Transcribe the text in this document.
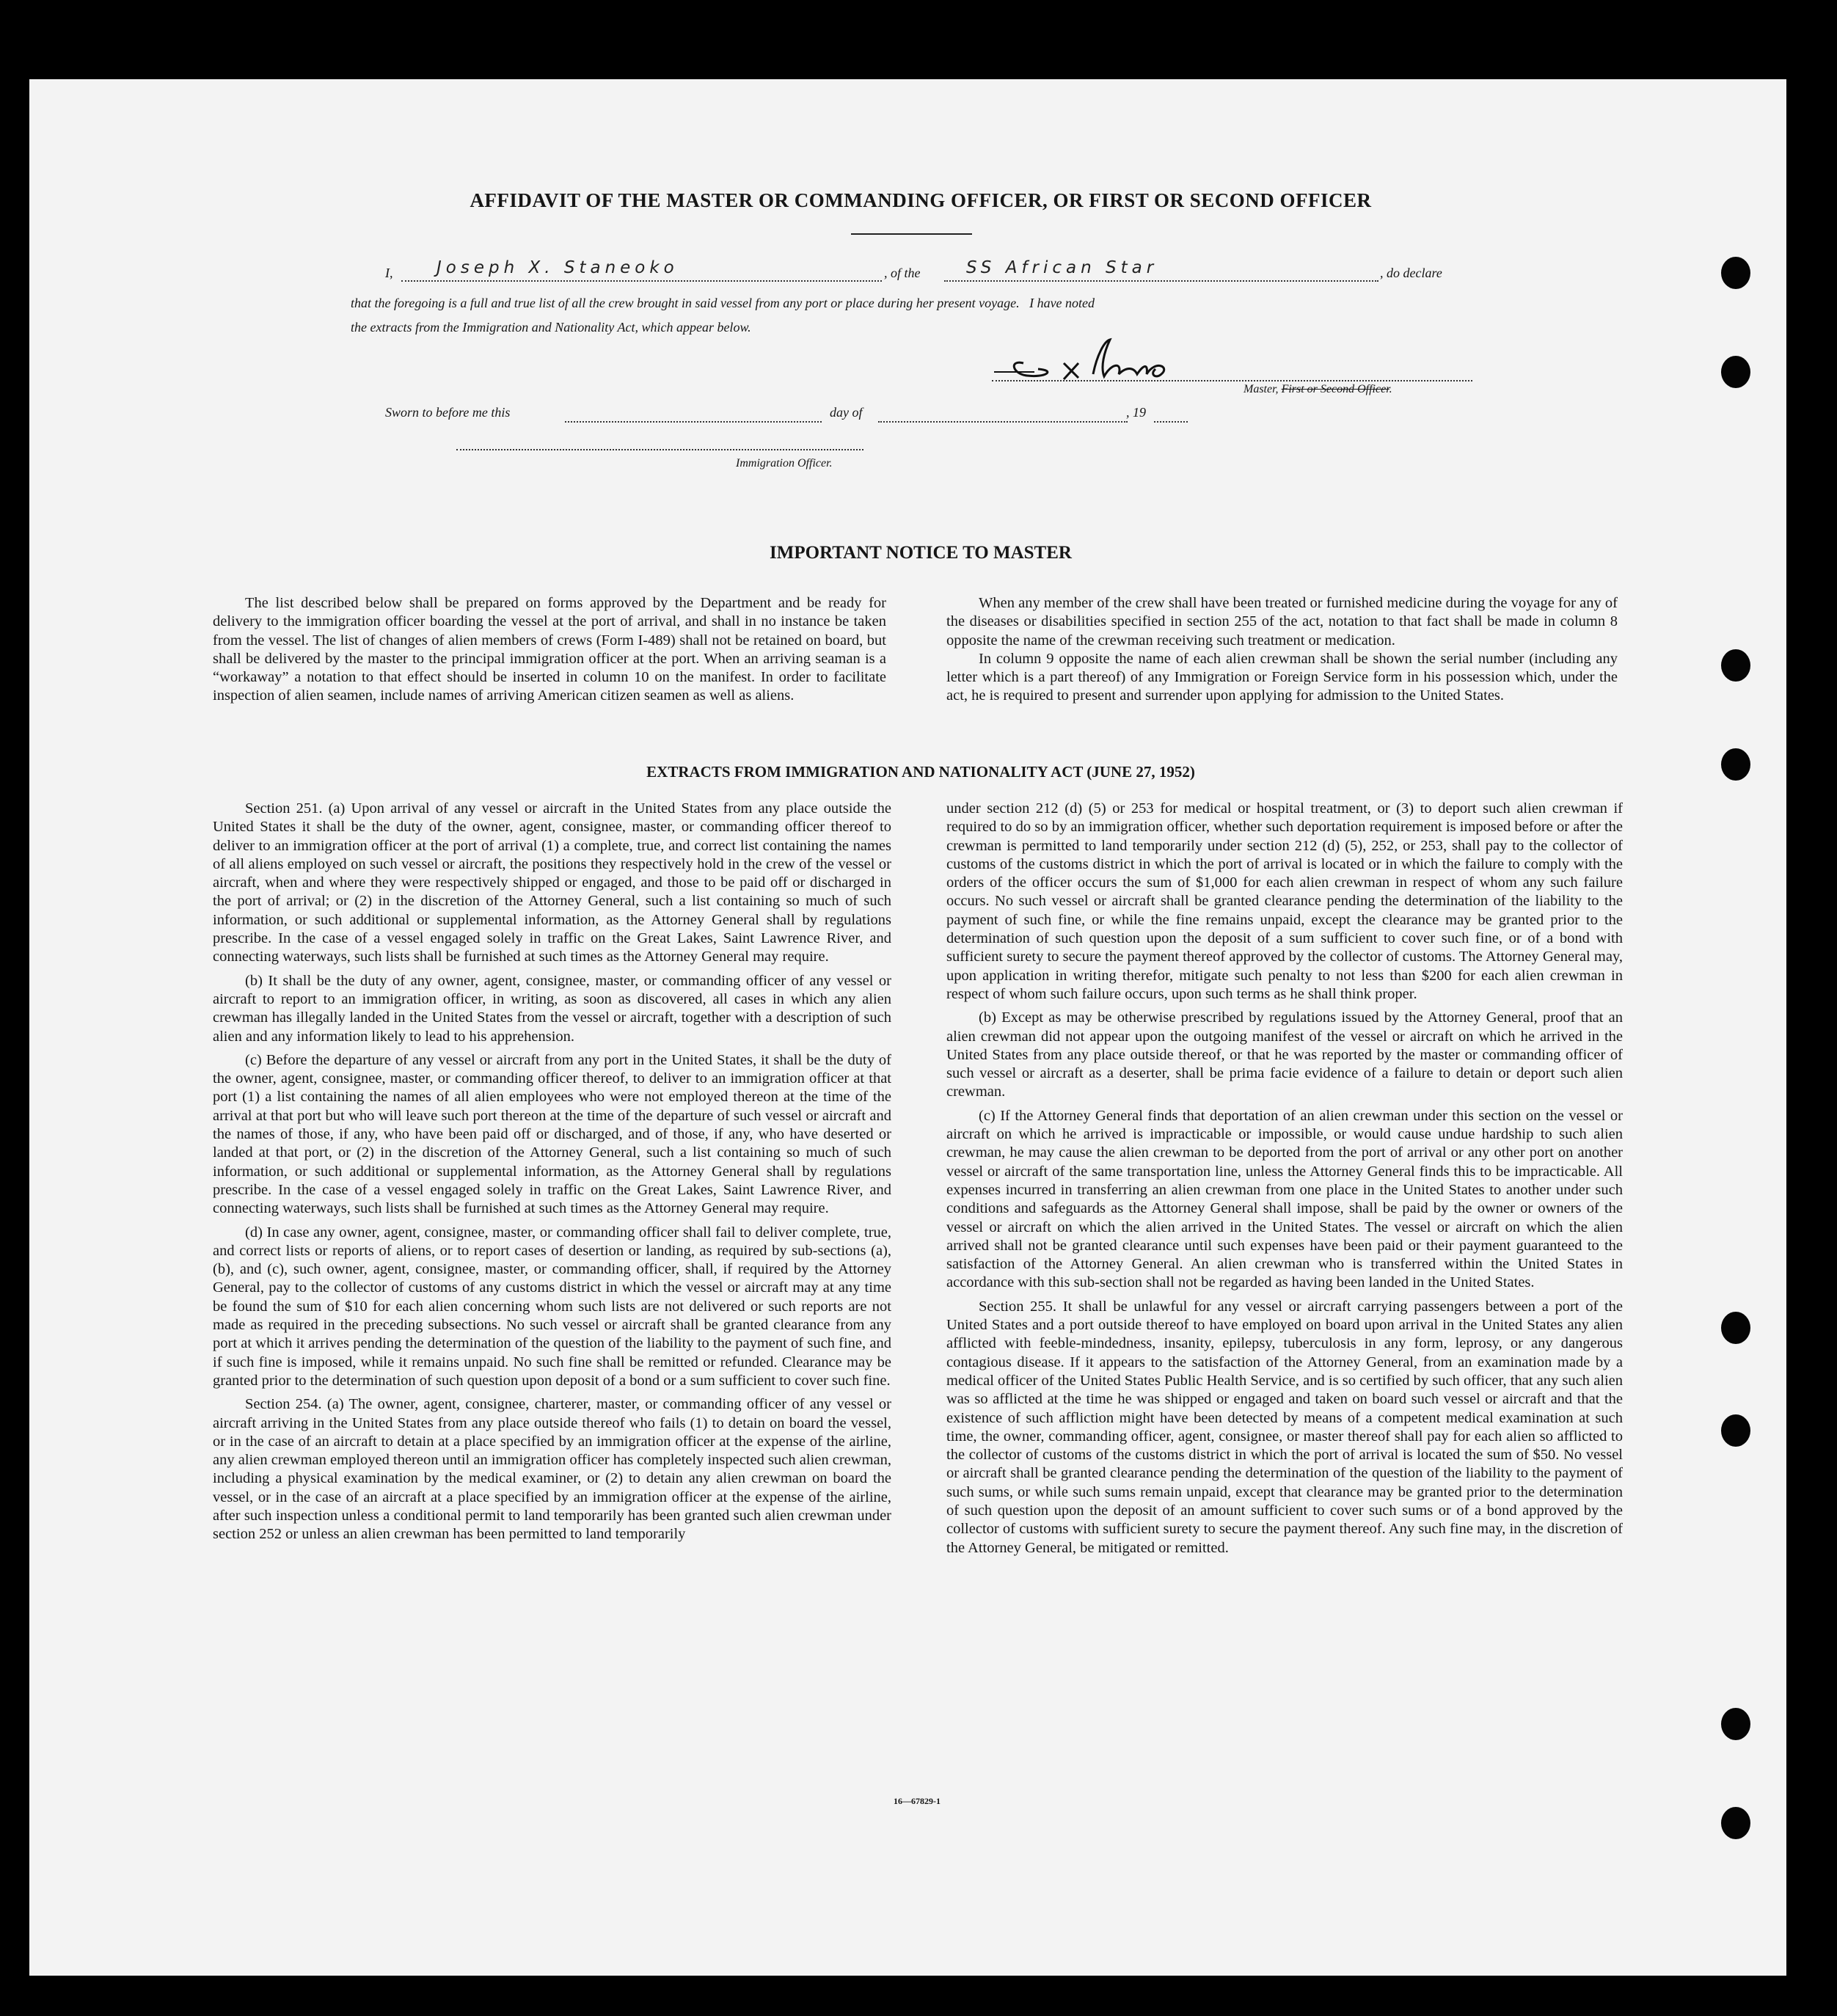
AFFIDAVIT OF THE MASTER OR COMMANDING OFFICER, OR FIRST OR SECOND OFFICER
I,	Joseph X. Staneoko	, of the	SS African Star	, do declare
that the foregoing is a full and true list of all the crew brought in said vessel from any port or place during her present voyage.   I have noted
the extracts from the Immigration and Nationality Act, which appear below.
Master, First or Second Officer.
Sworn to before me this	day of	, 19
Immigration Officer.
IMPORTANT NOTICE TO MASTER

The list described below shall be prepared on forms approved by the Department and be ready for delivery to the immigration officer boarding the vessel at the port of arrival, and shall in no instance be taken from the vessel. The list of changes of alien members of crews (Form I-489) shall not be retained on board, but shall be delivered by the master to the principal immigration officer at the port. When an arriving seaman is a “workaway” a notation to that effect should be inserted in column 10 on the manifest. In order to facilitate inspection of alien seamen, include names of arriving American citizen seamen as well as aliens.

When any member of the crew shall have been treated or furnished medicine during the voyage for any of the diseases or disabilities specified in section 255 of the act, notation to that fact shall be made in column 8 opposite the name of the crewman receiving such treatment or medication.

In column 9 opposite the name of each alien crewman shall be shown the serial number (including any letter which is a part thereof) of any Immigration or Foreign Service form in his possession which, under the act, he is required to present and surrender upon applying for admission to the United States.

EXTRACTS FROM IMMIGRATION AND NATIONALITY ACT (JUNE 27, 1952)

Section 251. (a) Upon arrival of any vessel or aircraft in the United States from any place outside the United States it shall be the duty of the owner, agent, consignee, master, or commanding officer thereof to deliver to an immigration officer at the port of arrival (1) a complete, true, and correct list containing the names of all aliens employed on such vessel or aircraft, the positions they respectively hold in the crew of the vessel or aircraft, when and where they were respectively shipped or engaged, and those to be paid off or discharged in the port of arrival; or (2) in the discretion of the Attorney General, such a list containing so much of such information, or such additional or supplemental information, as the Attorney General shall by regulations prescribe. In the case of a vessel engaged solely in traffic on the Great Lakes, Saint Lawrence River, and connecting waterways, such lists shall be furnished at such times as the Attorney General may require.

(b) It shall be the duty of any owner, agent, consignee, master, or commanding officer of any vessel or aircraft to report to an immigration officer, in writing, as soon as discovered, all cases in which any alien crewman has illegally landed in the United States from the vessel or aircraft, together with a description of such alien and any information likely to lead to his apprehension.

(c) Before the departure of any vessel or aircraft from any port in the United States, it shall be the duty of the owner, agent, consignee, master, or commanding officer thereof, to deliver to an immigration officer at that port (1) a list containing the names of all alien employees who were not employed thereon at the time of the arrival at that port but who will leave such port thereon at the time of the departure of such vessel or aircraft and the names of those, if any, who have been paid off or discharged, and of those, if any, who have deserted or landed at that port, or (2) in the discretion of the Attorney General, such a list containing so much of such information, or such additional or supplemental information, as the Attorney General shall by regulations prescribe. In the case of a vessel engaged solely in traffic on the Great Lakes, Saint Lawrence River, and connecting waterways, such lists shall be furnished at such times as the Attorney General may require.

(d) In case any owner, agent, consignee, master, or commanding officer shall fail to deliver complete, true, and correct lists or reports of aliens, or to report cases of desertion or landing, as required by sub-sections (a), (b), and (c), such owner, agent, consignee, master, or commanding officer, shall, if required by the Attorney General, pay to the collector of customs of any customs district in which the vessel or aircraft may at any time be found the sum of $10 for each alien concerning whom such lists are not delivered or such reports are not made as required in the preceding subsections. No such vessel or aircraft shall be granted clearance from any port at which it arrives pending the determination of the question of the liability to the payment of such fine, and if such fine is imposed, while it remains unpaid. No such fine shall be remitted or refunded. Clearance may be granted prior to the determination of such question upon deposit of a bond or a sum sufficient to cover such fine.

Section 254. (a) The owner, agent, consignee, charterer, master, or commanding officer of any vessel or aircraft arriving in the United States from any place outside thereof who fails (1) to detain on board the vessel, or in the case of an aircraft to detain at a place specified by an immigration officer at the expense of the airline, any alien crewman employed thereon until an immigration officer has completely inspected such alien crewman, including a physical examination by the medical examiner, or (2) to detain any alien crewman on board the vessel, or in the case of an aircraft at a place specified by an immigration officer at the expense of the airline, after such inspection unless a conditional permit to land temporarily has been granted such alien crewman under section 252 or unless an alien crewman has been permitted to land temporarily

under section 212 (d) (5) or 253 for medical or hospital treatment, or (3) to deport such alien crewman if required to do so by an immigration officer, whether such deportation requirement is imposed before or after the crewman is permitted to land temporarily under section 212 (d) (5), 252, or 253, shall pay to the collector of customs of the customs district in which the port of arrival is located or in which the failure to comply with the orders of the officer occurs the sum of $1,000 for each alien crewman in respect of whom any such failure occurs. No such vessel or aircraft shall be granted clearance pending the determination of the liability to the payment of such fine, or while the fine remains unpaid, except the clearance may be granted prior to the determination of such question upon the deposit of a sum sufficient to cover such fine, or of a bond with sufficient surety to secure the payment thereof approved by the collector of customs. The Attorney General may, upon application in writing therefor, mitigate such penalty to not less than $200 for each alien crewman in respect of whom such failure occurs, upon such terms as he shall think proper.

(b) Except as may be otherwise prescribed by regulations issued by the Attorney General, proof that an alien crewman did not appear upon the outgoing manifest of the vessel or aircraft on which he arrived in the United States from any place outside thereof, or that he was reported by the master or commanding officer of such vessel or aircraft as a deserter, shall be prima facie evidence of a failure to detain or deport such alien crewman.

(c) If the Attorney General finds that deportation of an alien crewman under this section on the vessel or aircraft on which he arrived is impracticable or impossible, or would cause undue hardship to such alien crewman, he may cause the alien crewman to be deported from the port of arrival or any other port on another vessel or aircraft of the same transportation line, unless the Attorney General finds this to be impracticable. All expenses incurred in transferring an alien crewman from one place in the United States to another under such conditions and safeguards as the Attorney General shall impose, shall be paid by the owner or owners of the vessel or aircraft on which the alien arrived in the United States. The vessel or aircraft on which the alien arrived shall not be granted clearance until such expenses have been paid or their payment guaranteed to the satisfaction of the Attorney General. An alien crewman who is transferred within the United States in accordance with this sub-section shall not be regarded as having been landed in the United States.

Section 255. It shall be unlawful for any vessel or aircraft carrying passengers between a port of the United States and a port outside thereof to have employed on board upon arrival in the United States any alien afflicted with feeble-mindedness, insanity, epilepsy, tuberculosis in any form, leprosy, or any dangerous contagious disease. If it appears to the satisfaction of the Attorney General, from an examination made by a medical officer of the United States Public Health Service, and is so certified by such officer, that any such alien was so afflicted at the time he was shipped or engaged and taken on board such vessel or aircraft and that the existence of such affliction might have been detected by means of a competent medical examination at such time, the owner, commanding officer, agent, consignee, or master thereof shall pay for each alien so afflicted to the collector of customs of the customs district in which the port of arrival is located the sum of $50. No vessel or aircraft shall be granted clearance pending the determination of the question of the liability to the payment of such sums, or while such sums remain unpaid, except that clearance may be granted prior to the determination of such question upon the deposit of an amount sufficient to cover such sums or of a bond approved by the collector of customs with sufficient surety to secure the payment thereof. Any such fine may, in the discretion of the Attorney General, be mitigated or remitted.

16—67829-1
